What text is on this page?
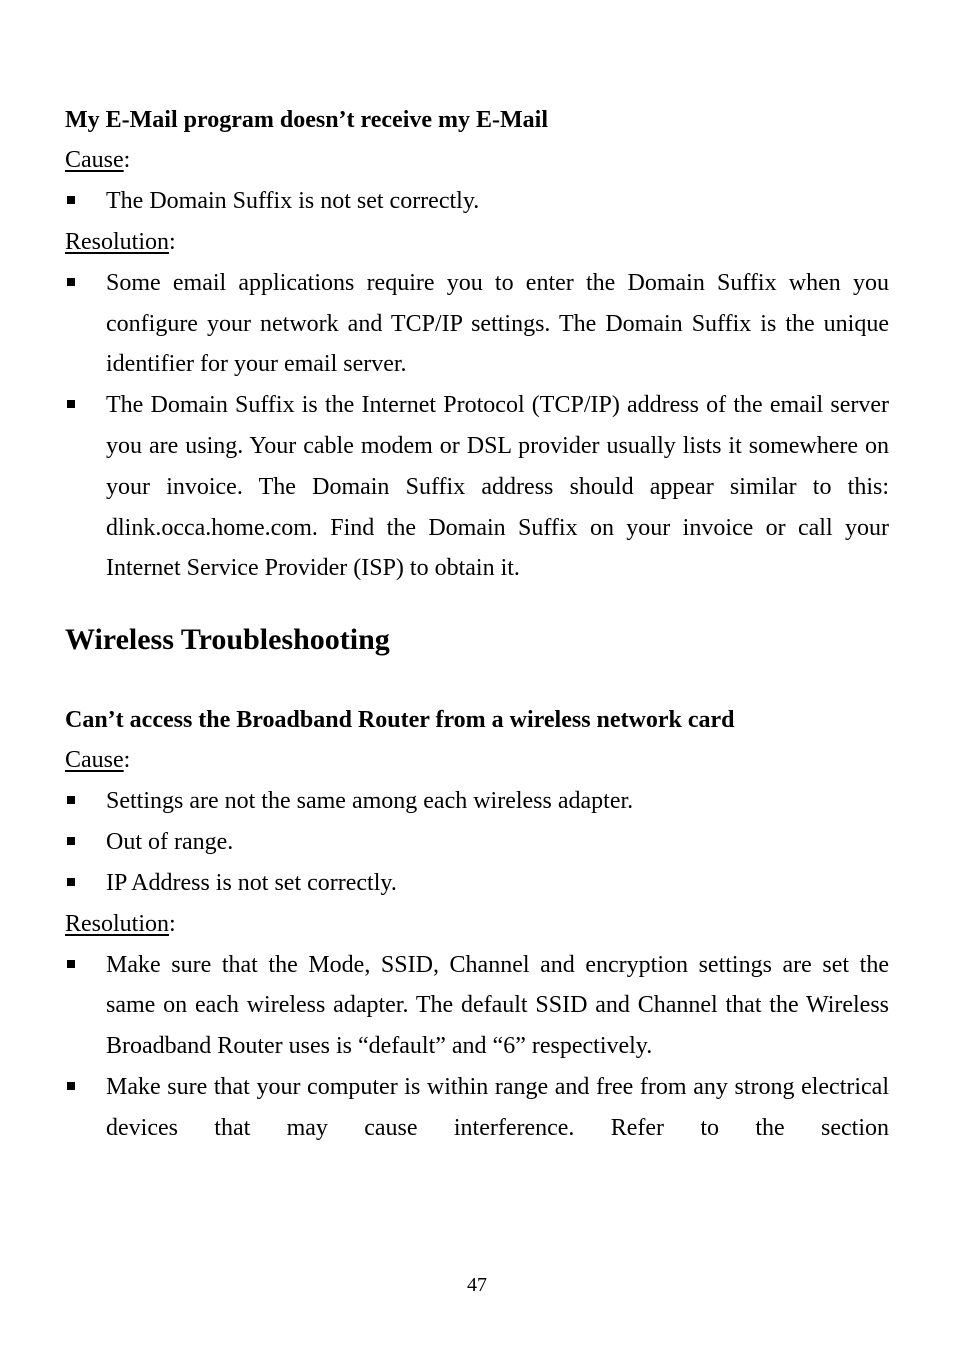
My E-Mail program doesn’t receive my E-Mail

Cause:

The Domain Suffix is not set correctly.

Resolution:

Some email applications require you to enter the Domain Suffix when you configure your network and TCP/IP settings. The Domain Suffix is the unique identifier for your email server.
The Domain Suffix is the Internet Protocol (TCP/IP) address of the email server you are using. Your cable modem or DSL provider usually lists it somewhere on your invoice. The Domain Suffix address should appear similar to this: dlink.occa.home.com. Find the Domain Suffix on your invoice or call your Internet Service Provider (ISP) to obtain it.
Wireless Troubleshooting

Can’t access the Broadband Router from a wireless network card

Cause:

Settings are not the same among each wireless adapter.
Out of range.
IP Address is not set correctly.

Resolution:

Make sure that the Mode, SSID, Channel and encryption settings are set the same on each wireless adapter. The default SSID and Channel that the Wireless Broadband Router uses is “default” and “6” respectively.
Make sure that your computer is within range and free from any strong electrical devices that may cause interference. Refer to the section
47
